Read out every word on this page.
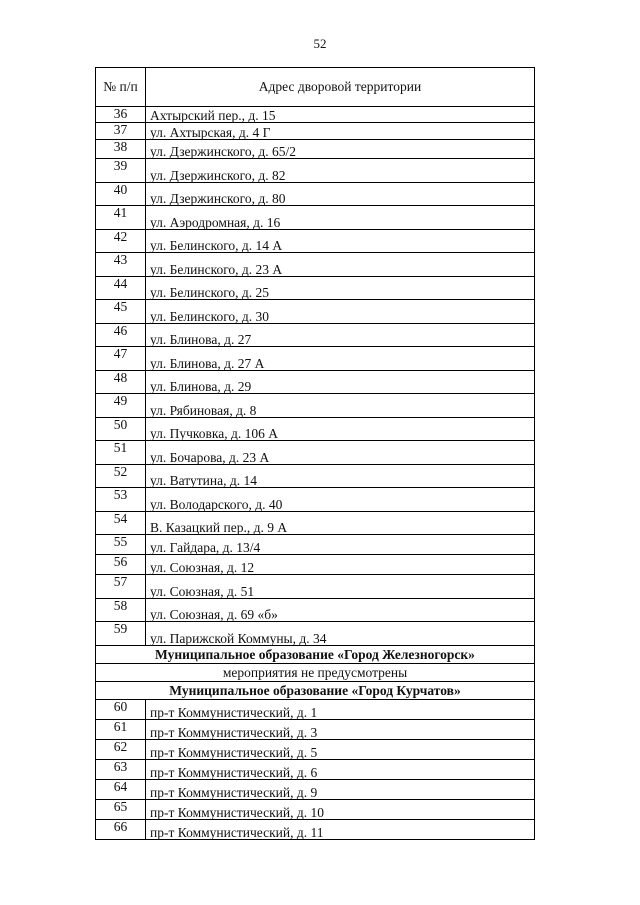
52
№ п/п	Адрес дворовой территории
36	Ахтырский пер., д. 15
37	ул. Ахтырская, д. 4 Г
38	ул. Дзержинского, д. 65/2
39	ул. Дзержинского, д. 82
40	ул. Дзержинского, д. 80
41	ул. Аэродромная, д. 16
42	ул. Белинского, д. 14 А
43	ул. Белинского, д. 23 А
44	ул. Белинского, д. 25
45	ул. Белинского, д. 30
46	ул. Блинова, д. 27
47	ул. Блинова, д. 27 А
48	ул. Блинова, д. 29
49	ул. Рябиновая, д. 8
50	ул. Пучковка, д. 106 А
51	ул. Бочарова, д. 23 А
52	ул. Ватутина, д. 14
53	ул. Володарского, д. 40
54	В. Казацкий пер., д. 9 А
55	ул. Гайдара, д. 13/4
56	ул. Союзная, д. 12
57	ул. Союзная, д. 51
58	ул. Союзная, д. 69 «б»
59	ул. Парижской Коммуны, д. 34
Муниципальное образование «Город Железногорск»	
мероприятия не предусмотрены	
Муниципальное образование «Город Курчатов»	
60	пр-т Коммунистический, д. 1
61	пр-т Коммунистический, д. 3
62	пр-т Коммунистический, д. 5
63	пр-т Коммунистический, д. 6
64	пр-т Коммунистический, д. 9
65	пр-т Коммунистический, д. 10
66	пр-т Коммунистический, д. 11
